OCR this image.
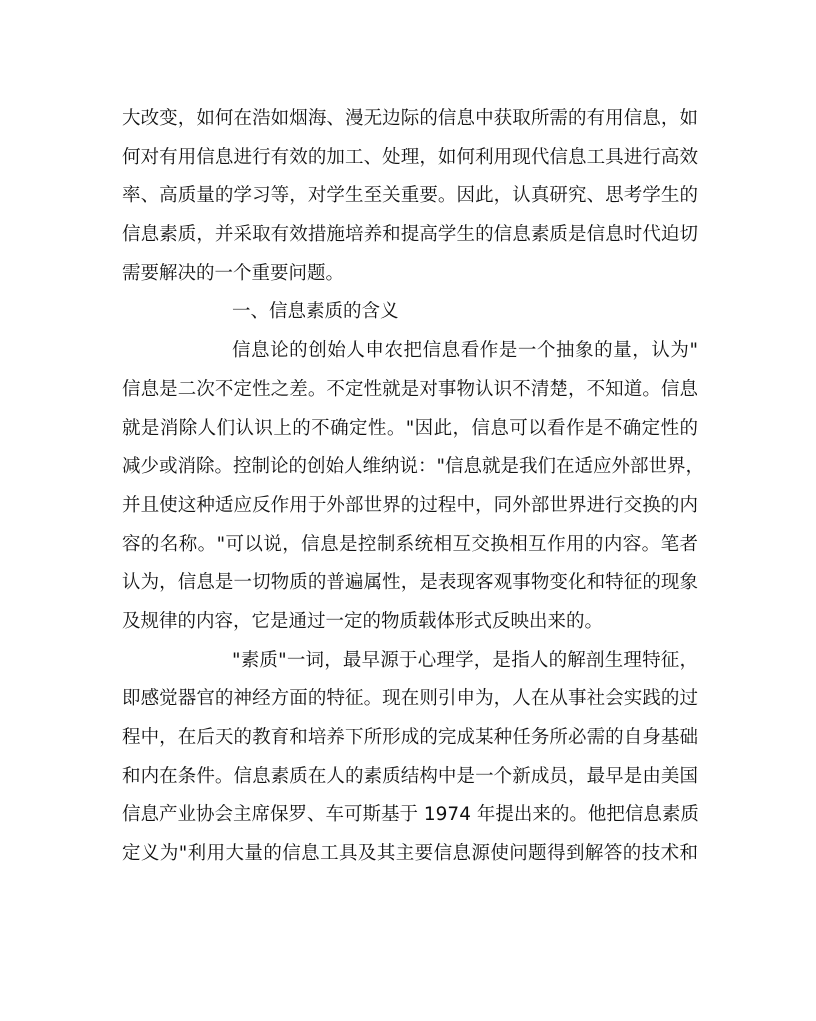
大改变，如何在浩如烟海、漫无边际的信息中获取所需的有用信息，如
何对有用信息进行有效的加工、处理，如何利用现代信息工具进行高效
率、高质量的学习等，对学生至关重要。因此，认真研究、思考学生的
信息素质，并采取有效措施培养和提高学生的信息素质是信息时代迫切
需要解决的一个重要问题。
一、信息素质的含义
信息论的创始人申农把信息看作是一个抽象的量，认为"
信息是二次不定性之差。不定性就是对事物认识不清楚，不知道。信息
就是消除人们认识上的不确定性。"因此，信息可以看作是不确定性的
减少或消除。控制论的创始人维纳说："信息就是我们在适应外部世界，
并且使这种适应反作用于外部世界的过程中，同外部世界进行交换的内
容的名称。"可以说，信息是控制系统相互交换相互作用的内容。笔者
认为，信息是一切物质的普遍属性，是表现客观事物变化和特征的现象
及规律的内容，它是通过一定的物质载体形式反映出来的。
"素质"一词，最早源于心理学，是指人的解剖生理特征，
即感觉器官的神经方面的特征。现在则引申为，人在从事社会实践的过
程中，在后天的教育和培养下所形成的完成某种任务所必需的自身基础
和内在条件。信息素质在人的素质结构中是一个新成员，最早是由美国
信息产业协会主席保罗、车可斯基于 1974 年提出来的。他把信息素质
定义为"利用大量的信息工具及其主要信息源使问题得到解答的技术和
